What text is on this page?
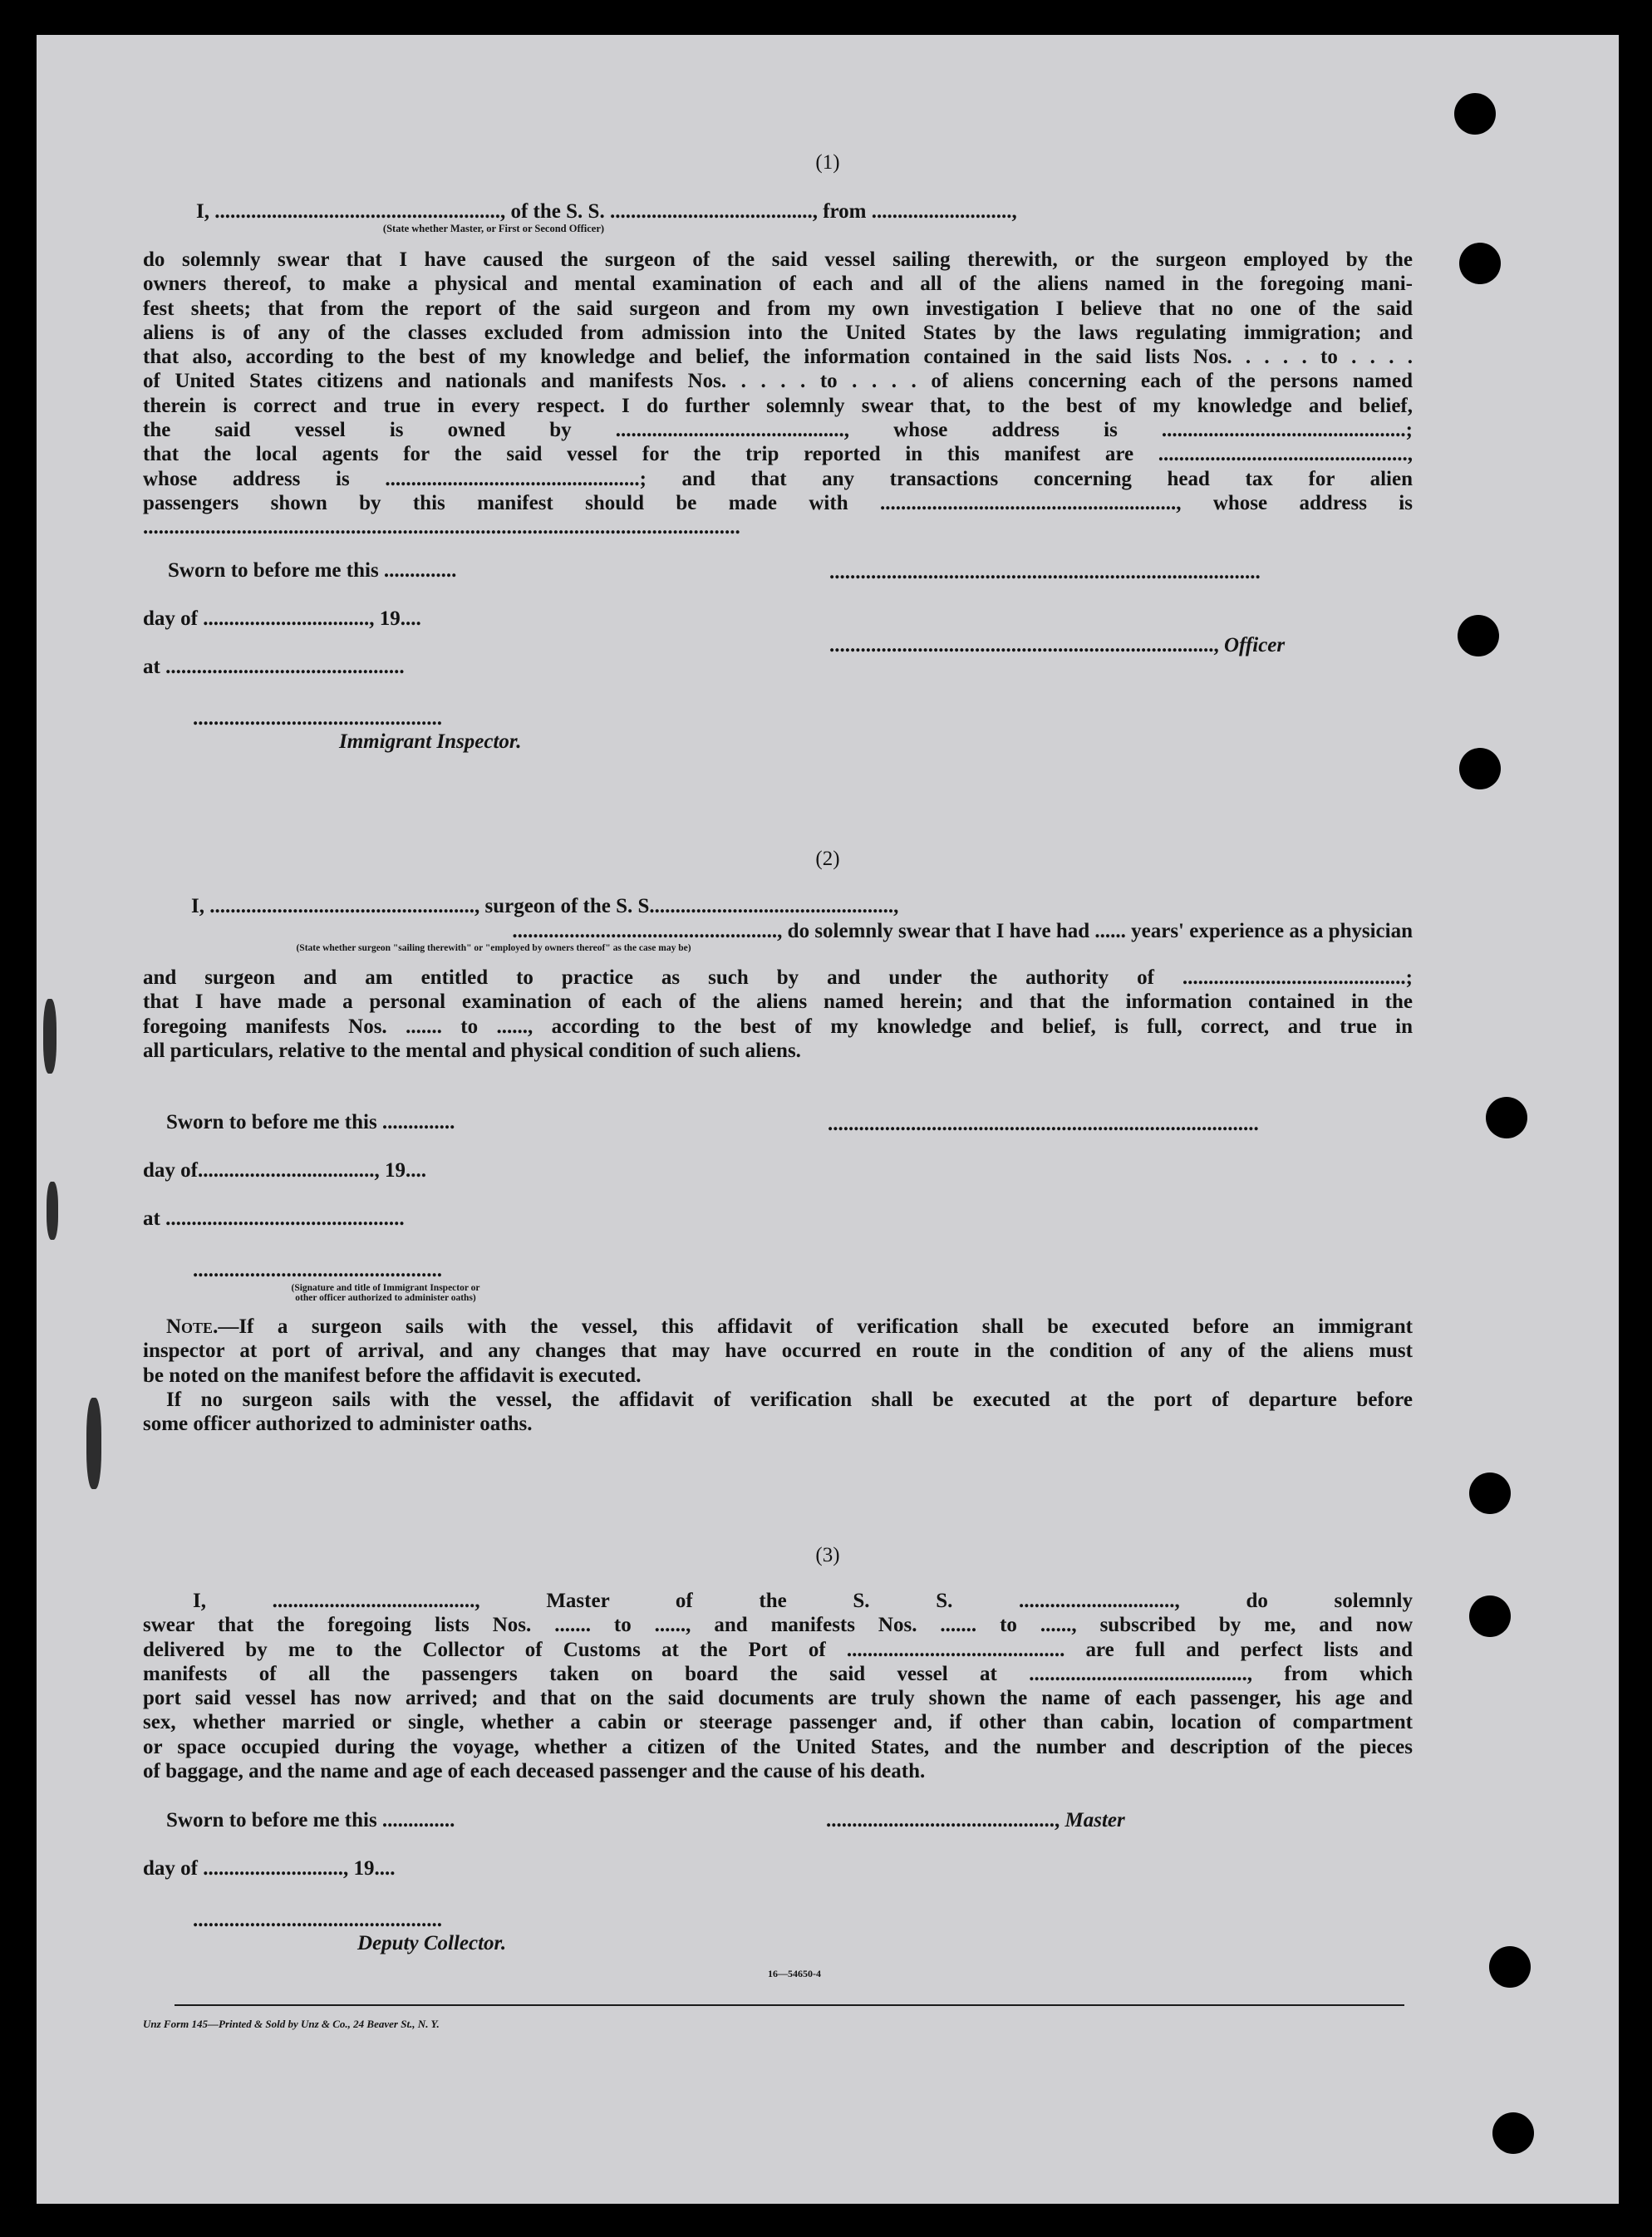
(1)
I, ......................................................., of the S. S. ......................................., from ...........................,
(State whether Master, or First or Second Officer)
do solemnly swear that I have caused the surgeon of the said vessel sailing therewith, or the surgeon employed by the
owners thereof, to make a physical and mental examination of each and all of the aliens named in the foregoing mani-
fest sheets; that from the report of the said surgeon and from my own investigation I believe that no one of the said
aliens is of any of the classes excluded from admission into the United States by the laws regulating immigration; and
that also, according to the best of my knowledge and belief, the information contained in the said lists Nos. . . . . to . . . .
of United States citizens and nationals and manifests Nos. . . . . to . . . . of aliens concerning each of the persons named
therein is correct and true in every respect. I do further solemnly swear that, to the best of my knowledge and belief,
the said vessel is owned by ............................................, whose address is ...............................................;
that the local agents for the said vessel for the trip reported in this manifest are ................................................,
whose address is .................................................; and that any transactions concerning head tax for alien
passengers shown by this manifest should be made with ........................................................., whose address is
...................................................................................................................
Sworn to before me this ..............
day of ................................, 19....
at ..............................................
................................................
Immigrant Inspector.
...................................................................................
.........................................................................., Officer
(2)
I, ..................................................., surgeon of the S. S...............................................,
..................................................., do solemnly swear that I have had ...... years' experience as a physician
(State whether surgeon "sailing therewith" or "employed by owners thereof" as the case may be)
and surgeon and am entitled to practice as such by and under the authority of ...........................................;
that I have made a personal examination of each of the aliens named herein; and that the information contained in the
foregoing manifests Nos. ....... to ......, according to the best of my knowledge and belief, is full, correct, and true in
all particulars, relative to the mental and physical condition of such aliens.
Sworn to before me this ..............
day of.................................., 19....
at ..............................................
................................................
(Signature and title of Immigrant Inspector or
other officer authorized to administer oaths)
...................................................................................
Note.—If a surgeon sails with the vessel, this affidavit of verification shall be executed before an immigrant
inspector at port of arrival, and any changes that may have occurred en route in the condition of any of the aliens must
be noted on the manifest before the affidavit is executed.
If no surgeon sails with the vessel, the affidavit of verification shall be executed at the port of departure before
some officer authorized to administer oaths.
(3)
I, ......................................., Master of the S. S. .............................., do solemnly
swear that the foregoing lists Nos. ....... to ......, and manifests Nos. ....... to ......, subscribed by me, and now
delivered by me to the Collector of Customs at the Port of .......................................... are full and perfect lists and
manifests of all the passengers taken on board the said vessel at .........................................., from which
port said vessel has now arrived; and that on the said documents are truly shown the name of each passenger, his age and
sex, whether married or single, whether a cabin or steerage passenger and, if other than cabin, location of compartment
or space occupied during the voyage, whether a citizen of the United States, and the number and description of the pieces
of baggage, and the name and age of each deceased passenger and the cause of his death.
Sworn to before me this ..............
day of ..........................., 19....
................................................
Deputy Collector.
............................................, Master
16—54650-4
Unz Form 145—Printed & Sold by Unz & Co., 24 Beaver St., N. Y.
